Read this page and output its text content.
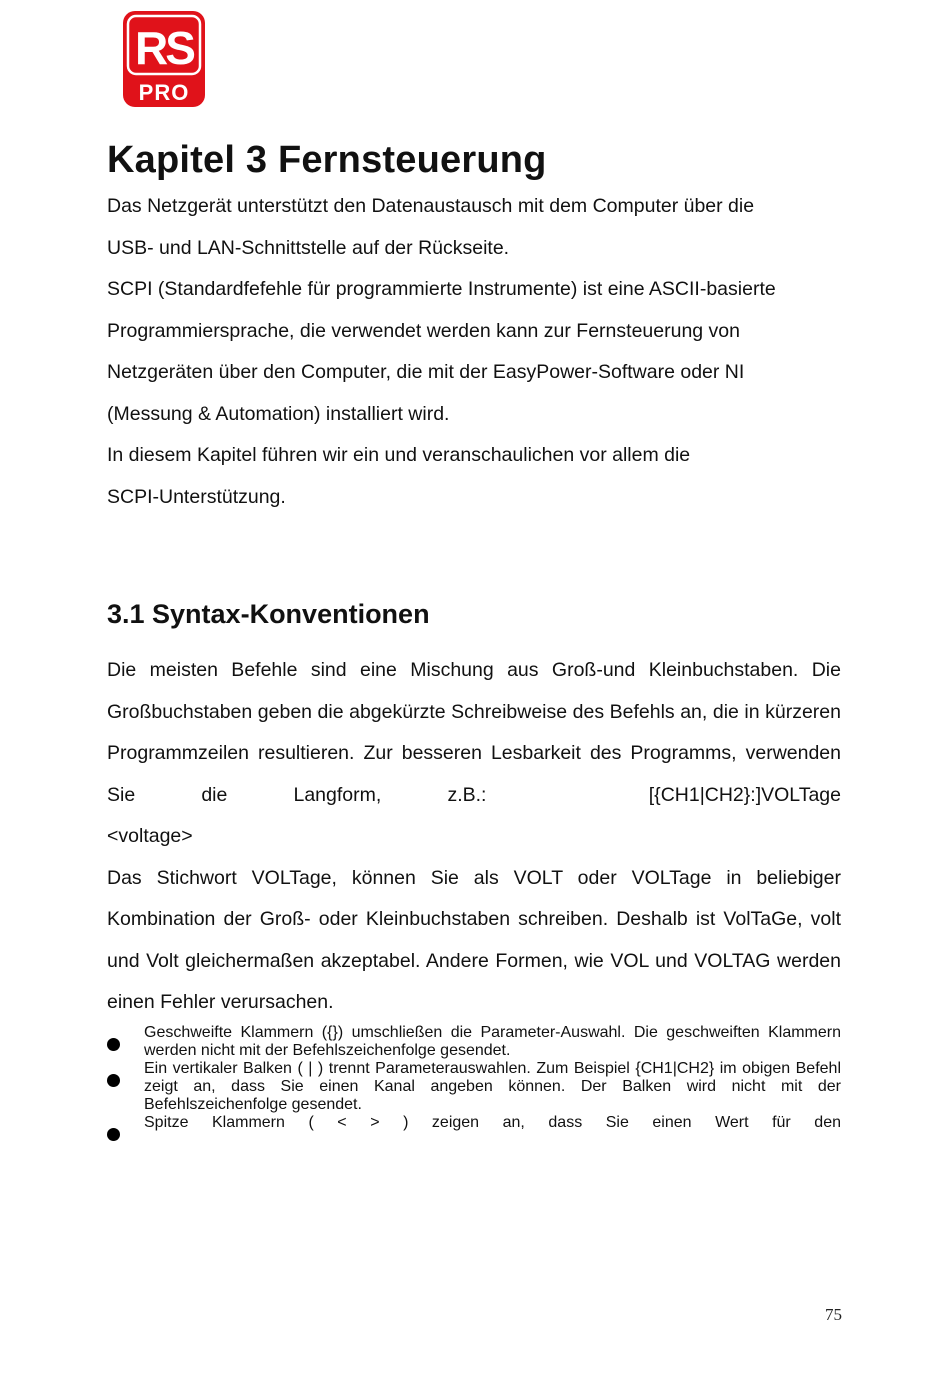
RS
PRO
Kapitel 3 Fernsteuerung

Das Netzgerät unterstützt den Datenaustausch mit dem Computer über die

USB- und LAN-Schnittstelle auf der Rückseite.

SCPI (Standardfefehle für programmierte Instrumente) ist eine ASCII-basierte

Programmiersprache, die verwendet werden kann zur Fernsteuerung von

Netzgeräten über den Computer, die mit der EasyPower-Software oder NI

(Messung & Automation) installiert wird.

In diesem Kapitel führen wir ein und veranschaulichen vor allem die

SCPI-Unterstützung.

3.1 Syntax-Konventionen

Die meisten Befehle sind eine Mischung aus Groß-und Kleinbuchstaben. Die Großbuchstaben geben die abgekürzte Schreibweise des Befehls an, die in kürzeren Programmzeilen resultieren. Zur besseren Lesbarkeit des Programms, verwenden Sie die Langform, z.B.:	[{CH1|CH2}:]VOLTage

<voltage>

Das Stichwort VOLTage, können Sie als VOLT oder VOLTage in beliebiger Kombination der Groß- oder Kleinbuchstaben schreiben. Deshalb ist VolTaGe, volt und Volt gleichermaßen akzeptabel. Andere Formen, wie VOL und VOLTAG werden einen Fehler verursachen.

Geschweifte Klammern ({}) umschließen die Parameter-Auswahl. Die geschweiften Klammern werden nicht mit der Befehlszeichenfolge gesendet.
Ein vertikaler Balken ( | ) trennt Parameterauswahlen. Zum Beispiel {CH1|CH2} im obigen Befehl zeigt an, dass Sie einen Kanal angeben können. Der Balken wird nicht mit der Befehlszeichenfolge gesendet.
Spitze Klammern ( < > ) zeigen an, dass Sie einen Wert für den
75
